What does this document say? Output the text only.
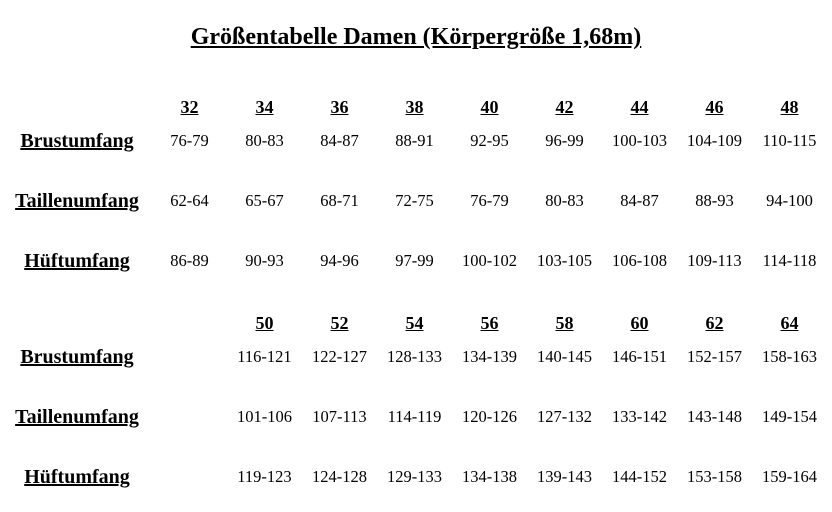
Größentabelle Damen (Körpergröße 1,68m)
32	34	36	38	40	42	44	46	48
Brustumfang	76-79	80-83	84-87	88-91	92-95	96-99	100-103	104-109	110-115
Taillenumfang	62-64	65-67	68-71	72-75	76-79	80-83	84-87	88-93	94-100
Hüftumfang	86-89	90-93	94-96	97-99	100-102	103-105	106-108	109-113	114-118
50	52	54	56	58	60	62	64
Brustumfang	116-121	122-127	128-133	134-139	140-145	146-151	152-157	158-163
Taillenumfang	101-106	107-113	114-119	120-126	127-132	133-142	143-148	149-154
Hüftumfang	119-123	124-128	129-133	134-138	139-143	144-152	153-158	159-164
